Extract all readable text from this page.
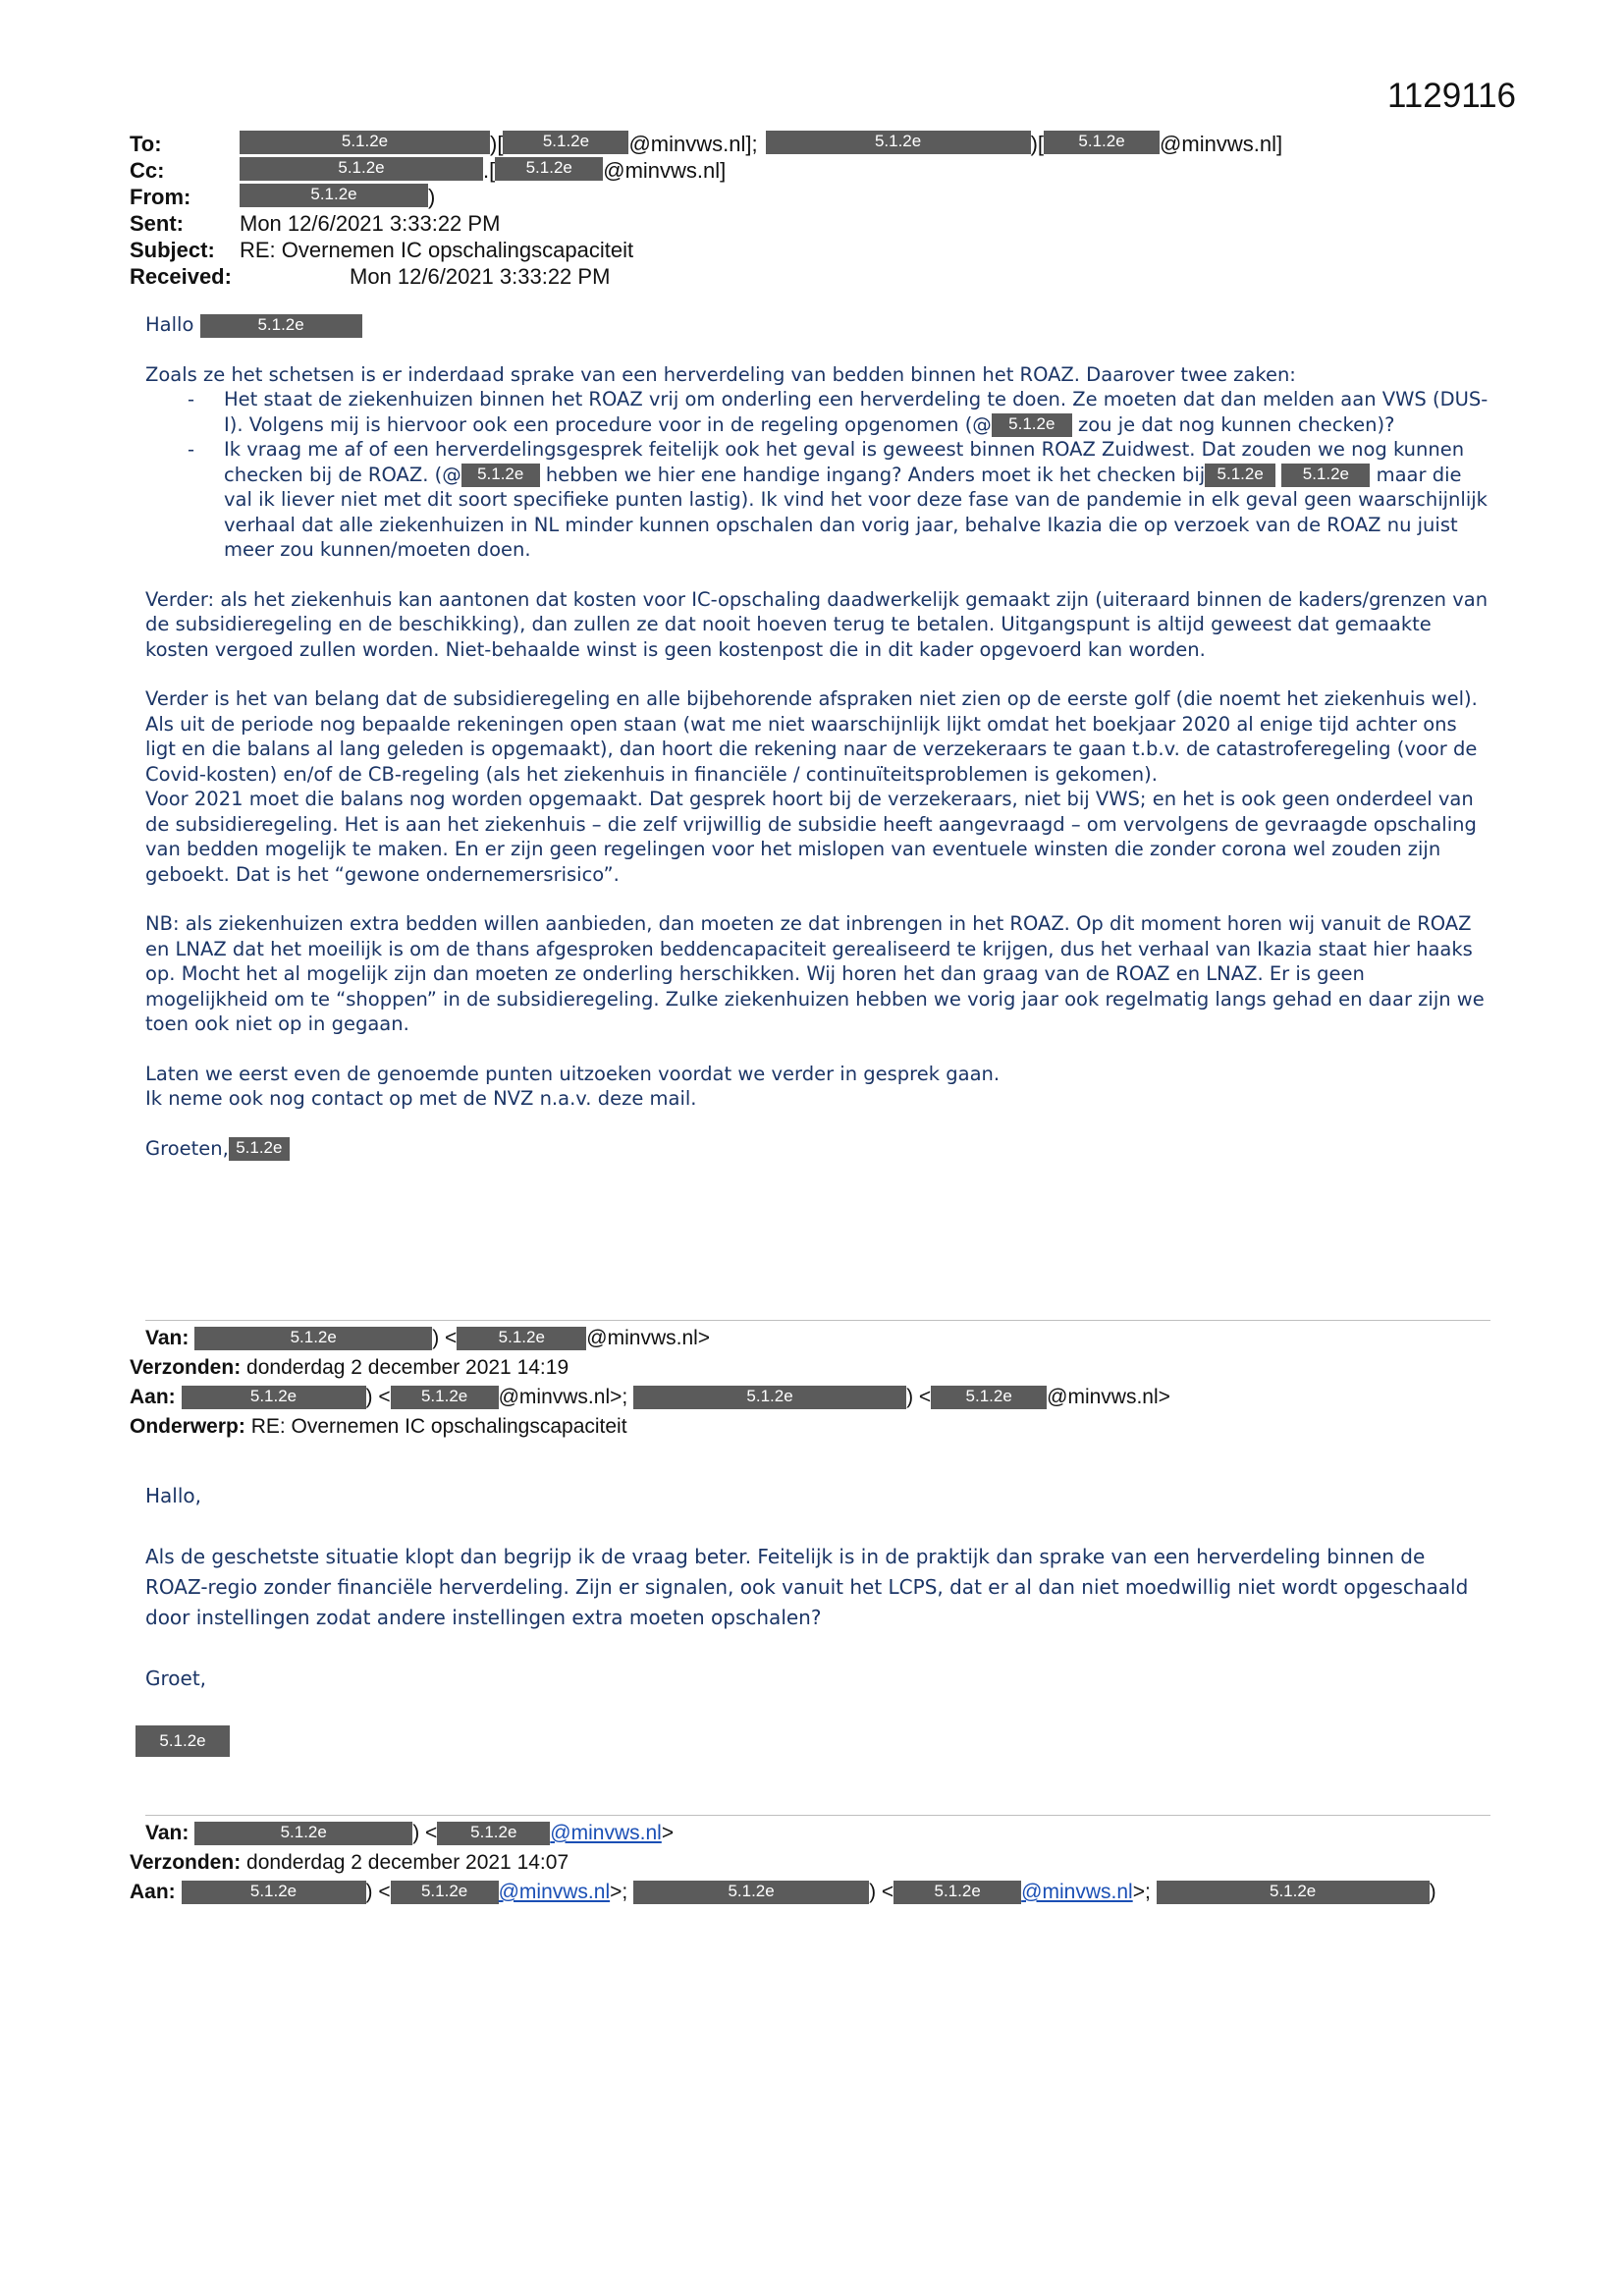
1129116
To:	5.1.2e	)[	5.1.2e	@minvws.nl];	5.1.2e	)[	5.1.2e	@minvws.nl]
Cc:	5.1.2e	.[	5.1.2e	@minvws.nl]
From:	5.1.2e	)
Sent:	Mon 12/6/2021 3:33:22 PM
Subject:	RE: Overnemen IC opschalingscapaciteit
Received:	Mon 12/6/2021 3:33:22 PM

Hallo	5.1.2e

Zoals ze het schetsen is er inderdaad sprake van een herverdeling van bedden binnen het ROAZ. Daarover twee zaken:
- Het staat de ziekenhuizen binnen het ROAZ vrij om onderling een herverdeling te doen. Ze moeten dat dan melden aan VWS (DUS-I). Volgens mij is hiervoor ook een procedure voor in de regeling opgenomen (@ 5.1.2e zou je dat nog kunnen checken)?
- Ik vraag me af of een herverdelingsgesprek feitelijk ook het geval is geweest binnen ROAZ Zuidwest. Dat zouden we nog kunnen checken bij de ROAZ. (@ 5.1.2e hebben we hier ene handige ingang? Anders moet ik het checken bij 5.1.2e 5.1.2e maar die val ik liever niet met dit soort specifieke punten lastig). Ik vind het voor deze fase van de pandemie in elk geval geen waarschijnlijk verhaal dat alle ziekenhuizen in NL minder kunnen opschalen dan vorig jaar, behalve Ikazia die op verzoek van de ROAZ nu juist meer zou kunnen/moeten doen.

Verder: als het ziekenhuis kan aantonen dat kosten voor IC-opschaling daadwerkelijk gemaakt zijn (uiteraard binnen de kaders/grenzen van de subsidieregeling en de beschikking), dan zullen ze dat nooit hoeven terug te betalen. Uitgangspunt is altijd geweest dat gemaakte kosten vergoed zullen worden. Niet-behaalde winst is geen kostenpost die in dit kader opgevoerd kan worden.

Verder is het van belang dat de subsidieregeling en alle bijbehorende afspraken niet zien op de eerste golf (die noemt het ziekenhuis wel). Als uit de periode nog bepaalde rekeningen open staan (wat me niet waarschijnlijk lijkt omdat het boekjaar 2020 al enige tijd achter ons ligt en die balans al lang geleden is opgemaakt), dan hoort die rekening naar de verzekeraars te gaan t.b.v. de catastroferegeling (voor de Covid-kosten) en/of de CB-regeling (als het ziekenhuis in financiële / continuïteitsproblemen is gekomen).
Voor 2021 moet die balans nog worden opgemaakt. Dat gesprek hoort bij de verzekeraars, niet bij VWS; en het is ook geen onderdeel van de subsidieregeling. Het is aan het ziekenhuis – die zelf vrijwillig de subsidie heeft aangevraagd – om vervolgens de gevraagde opschaling van bedden mogelijk te maken. En er zijn geen regelingen voor het mislopen van eventuele winsten die zonder corona wel zouden zijn geboekt. Dat is het “gewone ondernemersrisico”.

NB: als ziekenhuizen extra bedden willen aanbieden, dan moeten ze dat inbrengen in het ROAZ. Op dit moment horen wij vanuit de ROAZ en LNAZ dat het moeilijk is om de thans afgesproken beddencapaciteit gerealiseerd te krijgen, dus het verhaal van Ikazia staat hier haaks op. Mocht het al mogelijk zijn dan moeten ze onderling herschikken. Wij horen het dan graag van de ROAZ en LNAZ. Er is geen mogelijkheid om te “shoppen” in de subsidieregeling. Zulke ziekenhuizen hebben we vorig jaar ook regelmatig langs gehad en daar zijn we toen ook niet op in gegaan.

Laten we eerst even de genoemde punten uitzoeken voordat we verder in gesprek gaan.
Ik neme ook nog contact op met de NVZ n.a.v. deze mail.

Groeten, 5.1.2e

Van:	5.1.2e	) < 5.1.2e @minvws.nl>
Verzonden: donderdag 2 december 2021 14:19
Aan:	5.1.2e	) < 5.1.2e @minvws.nl>;	5.1.2e	) < 5.1.2e @minvws.nl>
Onderwerp: RE: Overnemen IC opschalingscapaciteit

Hallo,

Als de geschetste situatie klopt dan begrijp ik de vraag beter. Feitelijk is in de praktijk dan sprake van een herverdeling binnen de ROAZ-regio zonder financiële herverdeling. Zijn er signalen, ook vanuit het LCPS, dat er al dan niet moedwillig niet wordt opgeschaald door instellingen zodat andere instellingen extra moeten opschalen?

Groet,

5.1.2e
Van:	5.1.2e	) < 5.1.2e @minvws.nl>
Verzonden: donderdag 2 december 2021 14:07
Aan:	5.1.2e	) < 5.1.2e @minvws.nl>;	5.1.2e	) < 5.1.2e @minvws.nl>;	5.1.2e	)
